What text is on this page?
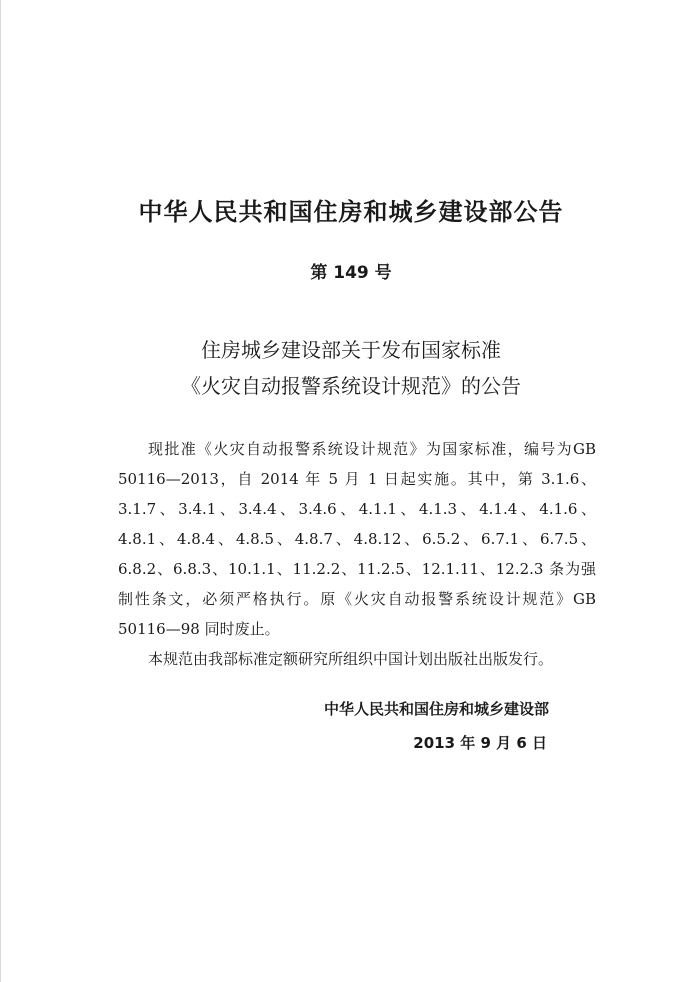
中华人民共和国住房和城乡建设部公告
第 149 号
住房城乡建设部关于发布国家标准
《火灾自动报警系统设计规范》的公告

现批准《火灾自动报警系统设计规范》为国家标准，编号为GB 50116—2013，自 2014 年 5 月 1 日起实施。其中，第 3.1.6、3.1.7、3.4.1、3.4.4、3.4.6、4.1.1、4.1.3、4.1.4、4.1.6、4.8.1、4.8.4、4.8.5、4.8.7、4.8.12、6.5.2、6.7.1、6.7.5、6.8.2、6.8.3、10.1.1、11.2.2、11.2.5、12.1.11、12.2.3 条为强制性条文，必须严格执行。原《火灾自动报警系统设计规范》GB 50116—98 同时废止。

本规范由我部标准定额研究所组织中国计划出版社出版发行。

中华人民共和国住房和城乡建设部
2013 年 9 月 6 日
